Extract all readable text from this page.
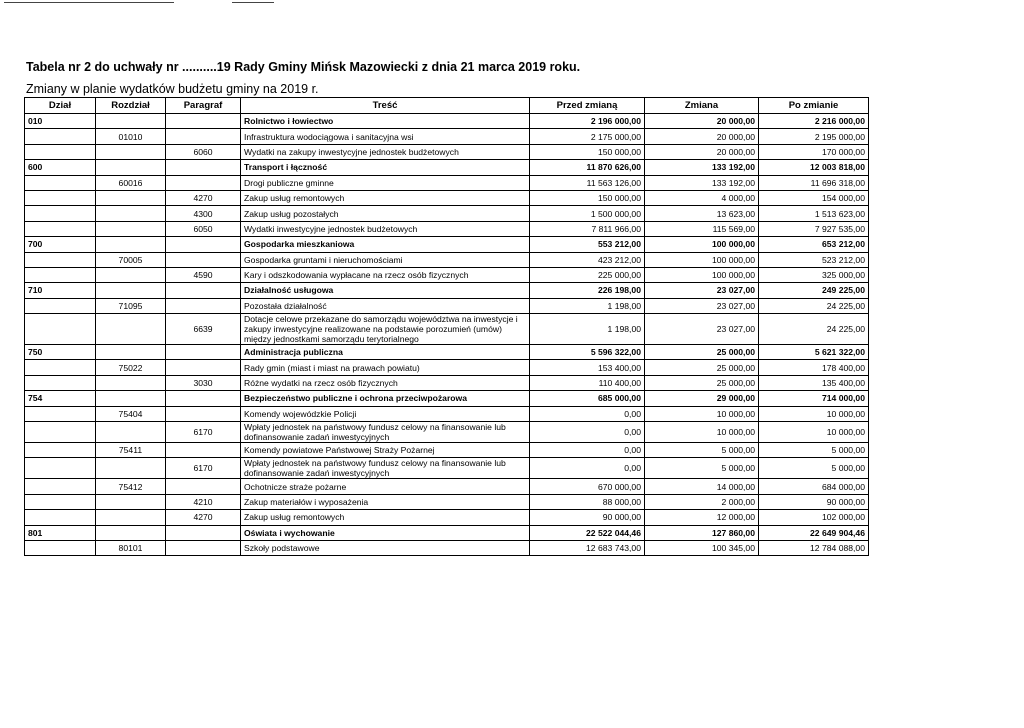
Tabela nr 2 do uchwały nr ..........19 Rady Gminy Mińsk Mazowiecki z dnia 21 marca 2019 roku.
Zmiany w planie wydatków budżetu gminy na 2019 r.
Dział	Rozdział	Paragraf	Treść	Przed zmianą	Zmiana	Po zmianie
010			Rolnictwo i łowiectwo	2 196 000,00	20 000,00	2 216 000,00
	01010		Infrastruktura wodociągowa i sanitacyjna wsi	2 175 000,00	20 000,00	2 195 000,00
		6060	Wydatki na zakupy inwestycyjne jednostek budżetowych	150 000,00	20 000,00	170 000,00
600			Transport i łączność	11 870 626,00	133 192,00	12 003 818,00
	60016		Drogi publiczne gminne	11 563 126,00	133 192,00	11 696 318,00
		4270	Zakup usług remontowych	150 000,00	4 000,00	154 000,00
		4300	Zakup usług pozostałych	1 500 000,00	13 623,00	1 513 623,00
		6050	Wydatki inwestycyjne jednostek budżetowych	7 811 966,00	115 569,00	7 927 535,00
700			Gospodarka mieszkaniowa	553 212,00	100 000,00	653 212,00
	70005		Gospodarka gruntami i nieruchomościami	423 212,00	100 000,00	523 212,00
		4590	Kary i odszkodowania wypłacane na rzecz osób fizycznych	225 000,00	100 000,00	325 000,00
710			Działalność usługowa	226 198,00	23 027,00	249 225,00
	71095		Pozostała działalność	1 198,00	23 027,00	24 225,00
		6639	Dotacje celowe przekazane do samorządu województwa na inwestycje i zakupy inwestycyjne realizowane na podstawie porozumień (umów) między jednostkami samorządu terytorialnego	1 198,00	23 027,00	24 225,00
750			Administracja publiczna	5 596 322,00	25 000,00	5 621 322,00
	75022		Rady gmin (miast i miast na prawach powiatu)	153 400,00	25 000,00	178 400,00
		3030	Różne wydatki na rzecz osób fizycznych	110 400,00	25 000,00	135 400,00
754			Bezpieczeństwo publiczne i ochrona przeciwpożarowa	685 000,00	29 000,00	714 000,00
	75404		Komendy wojewódzkie Policji	0,00	10 000,00	10 000,00
		6170	Wpłaty jednostek na państwowy fundusz celowy na finansowanie lub dofinansowanie zadań inwestycyjnych	0,00	10 000,00	10 000,00
	75411		Komendy powiatowe Państwowej Straży Pożarnej	0,00	5 000,00	5 000,00
		6170	Wpłaty jednostek na państwowy fundusz celowy na finansowanie lub dofinansowanie zadań inwestycyjnych	0,00	5 000,00	5 000,00
	75412		Ochotnicze straże pożarne	670 000,00	14 000,00	684 000,00
		4210	Zakup materiałów i wyposażenia	88 000,00	2 000,00	90 000,00
		4270	Zakup usług remontowych	90 000,00	12 000,00	102 000,00
801			Oświata i wychowanie	22 522 044,46	127 860,00	22 649 904,46
	80101		Szkoły podstawowe	12 683 743,00	100 345,00	12 784 088,00
